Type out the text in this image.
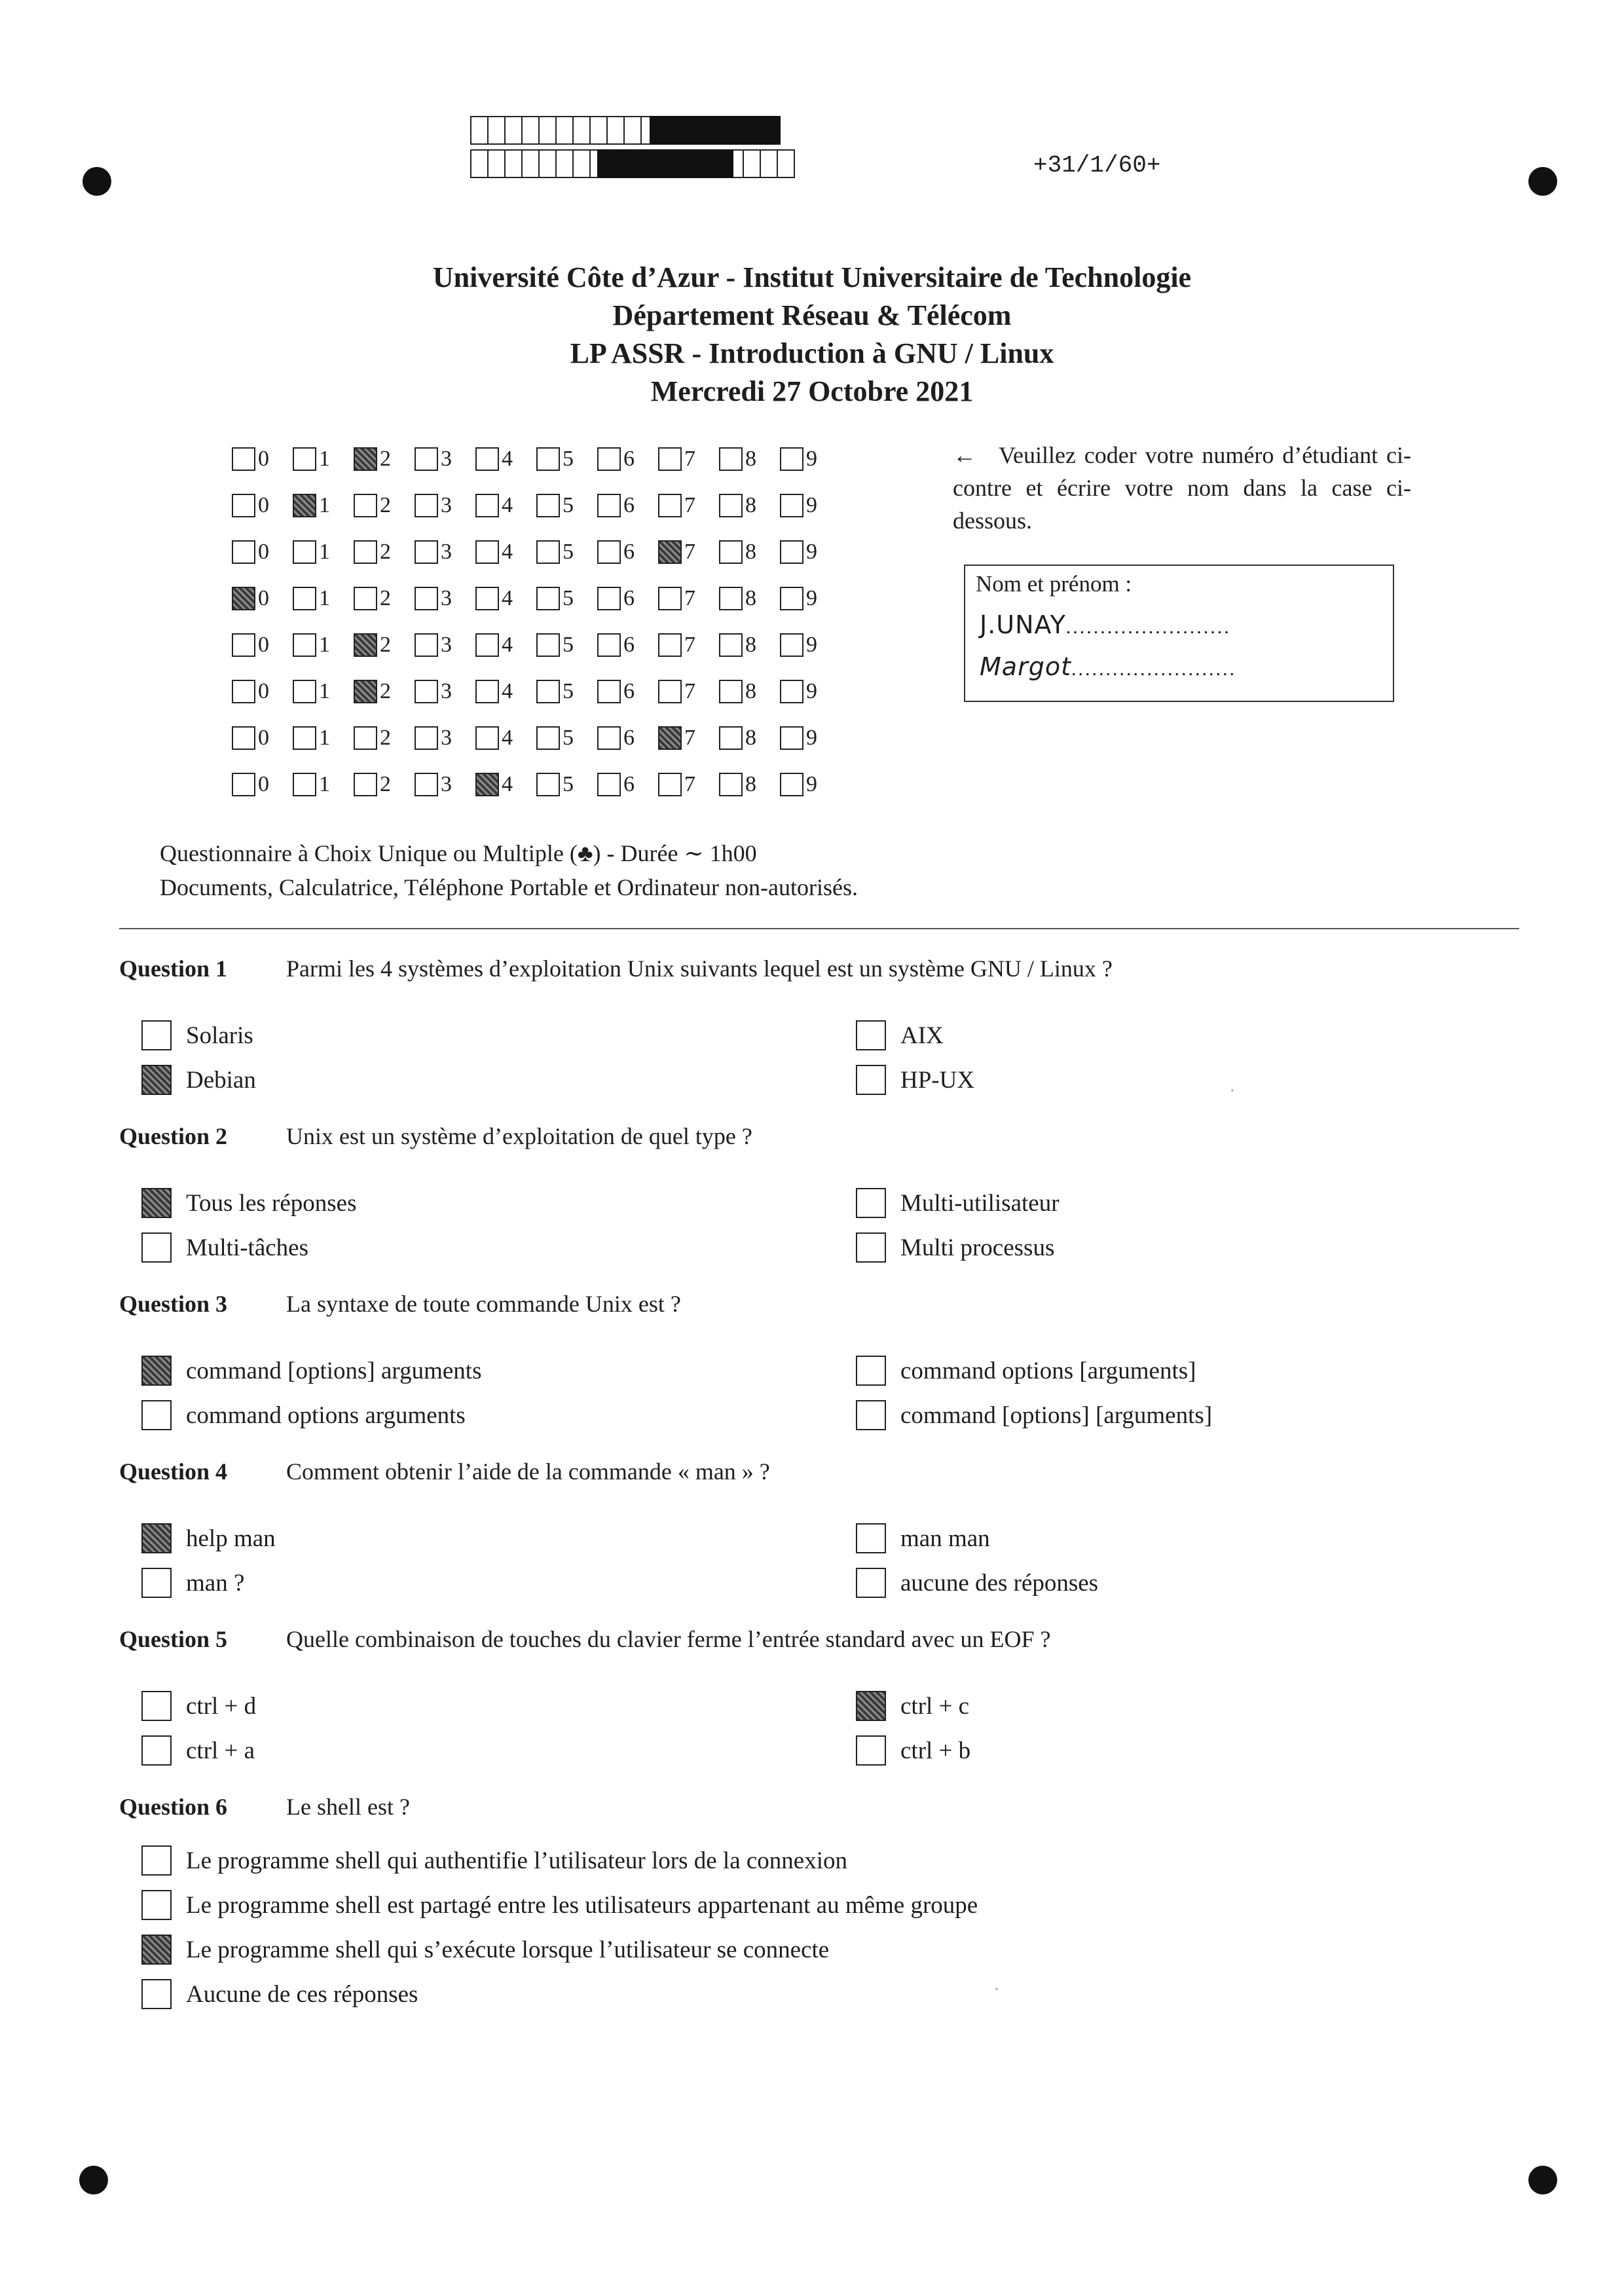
+31/1/60+
Université Côte d’Azur - Institut Universitaire de Technologie
Département Réseau & Télécom
LP ASSR - Introduction à GNU / Linux
Mercredi 27 Octobre 2021
0 1 2 3 4 5 6 7 8 9
0 1 2 3 4 5 6 7 8 9
0 1 2 3 4 5 6 7 8 9
0 1 2 3 4 5 6 7 8 9
0 1 2 3 4 5 6 7 8 9
0 1 2 3 4 5 6 7 8 9
0 1 2 3 4 5 6 7 8 9
0 1 2 3 4 5 6 7 8 9
← Veuillez coder votre numéro d’étudiant ci-contre et écrire votre nom dans la case ci-dessous.
Nom et prénom :
J.UNAY........................
Margot........................
Questionnaire à Choix Unique ou Multiple (♣) - Durée ∼ 1h00
Documents, Calculatrice, Téléphone Portable et Ordinateur non-autorisés.
Question 1 Parmi les 4 systèmes d’exploitation Unix suivants lequel est un système GNU / Linux ?
Solaris	AIX
Debian	HP-UX
Question 2 Unix est un système d’exploitation de quel type ?
Tous les réponses	Multi-utilisateur
Multi-tâches	Multi processus
Question 3 La syntaxe de toute commande Unix est ?
command [options] arguments	command options [arguments]
command options arguments	command [options] [arguments]
Question 4 Comment obtenir l’aide de la commande « man » ?
help man	man man
man ?	aucune des réponses
Question 5 Quelle combinaison de touches du clavier ferme l’entrée standard avec un EOF ?
ctrl + d	ctrl + c
ctrl + a	ctrl + b
Question 6 Le shell est ?
Le programme shell qui authentifie l’utilisateur lors de la connexion
Le programme shell est partagé entre les utilisateurs appartenant au même groupe
Le programme shell qui s’exécute lorsque l’utilisateur se connecte
Aucune de ces réponses
